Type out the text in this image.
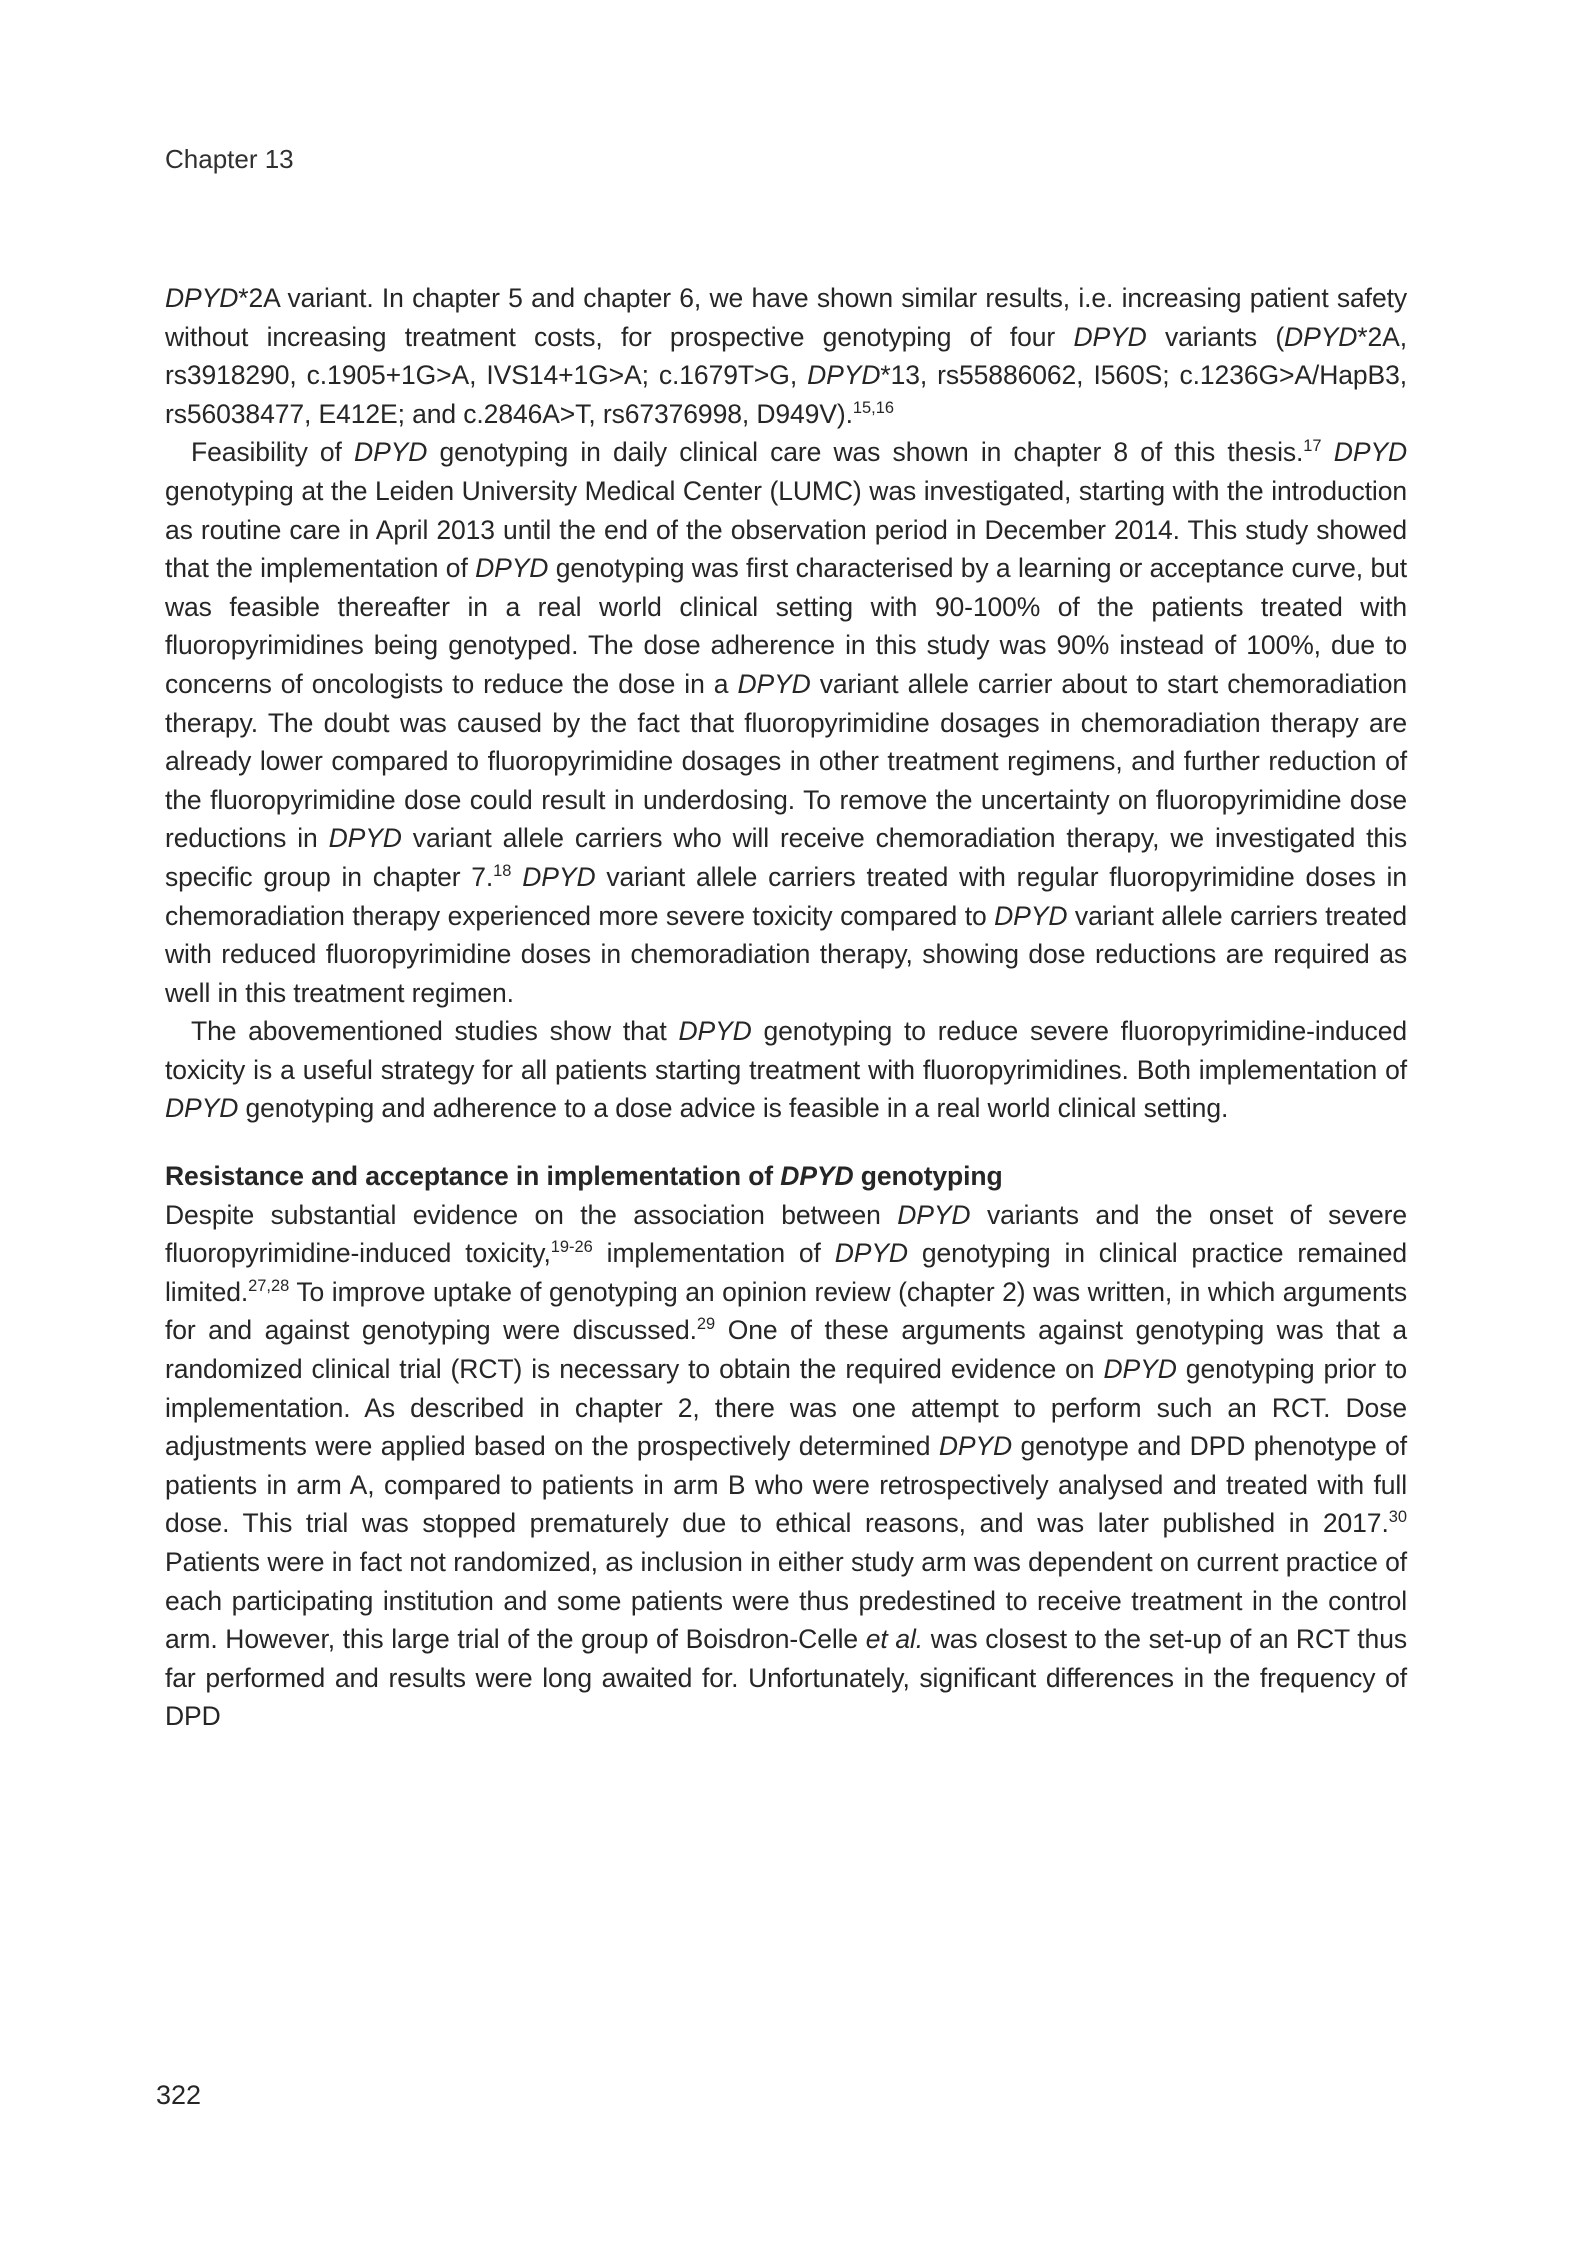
Chapter 13

DPYD*2A variant. In chapter 5 and chapter 6, we have shown similar results, i.e. increasing patient safety without increasing treatment costs, for prospective genotyping of four DPYD variants (DPYD*2A, rs3918290, c.1905+1G>A, IVS14+1G>A; c.1679T>G, DPYD*13, rs55886062, I560S; c.1236G>A/HapB3, rs56038477, E412E; and c.2846A>T, rs67376998, D949V).$^{15,16}$

Feasibility of DPYD genotyping in daily clinical care was shown in chapter 8 of this thesis.$^{17}$ DPYD genotyping at the Leiden University Medical Center (LUMC) was investigated, starting with the introduction as routine care in April 2013 until the end of the observation period in December 2014. This study showed that the implementation of DPYD genotyping was first characterised by a learning or acceptance curve, but was feasible thereafter in a real world clinical setting with 90-100% of the patients treated with fluoropyrimidines being genotyped. The dose adherence in this study was 90% instead of 100%, due to concerns of oncologists to reduce the dose in a DPYD variant allele carrier about to start chemoradiation therapy. The doubt was caused by the fact that fluoropyrimidine dosages in chemoradiation therapy are already lower compared to fluoropyrimidine dosages in other treatment regimens, and further reduction of the fluoropyrimidine dose could result in underdosing. To remove the uncertainty on fluoropyrimidine dose reductions in DPYD variant allele carriers who will receive chemoradiation therapy, we investigated this specific group in chapter 7.18 DPYD variant allele carriers treated with regular fluoropyrimidine doses in chemoradiation therapy experienced more severe toxicity compared to DPYD variant allele carriers treated with reduced fluoropyrimidine doses in chemoradiation therapy, showing dose reductions are required as well in this treatment regimen.

The abovementioned studies show that DPYD genotyping to reduce severe fluoropyrimidine-induced toxicity is a useful strategy for all patients starting treatment with fluoropyrimidines. Both implementation of DPYD genotyping and adherence to a dose advice is feasible in a real world clinical setting.

Resistance and acceptance in implementation of DPYD genotyping

Despite substantial evidence on the association between DPYD variants and the onset of severe fluoropyrimidine-induced toxicity,$^{19-26}$ implementation of DPYD genotyping in clinical practice remained limited.$^{27,28}$ To improve uptake of genotyping an opinion review (chapter 2) was written, in which arguments for and against genotyping were discussed.$^{29}$ One of these arguments against genotyping was that a randomized clinical trial (RCT) is necessary to obtain the required evidence on DPYD genotyping prior to implementation. As described in chapter 2, there was one attempt to perform such an RCT. Dose adjustments were applied based on the prospectively determined DPYD genotype and DPD phenotype of patients in arm A, compared to patients in arm B who were retrospectively analysed and treated with full dose. This trial was stopped prematurely due to ethical reasons, and was later published in 2017.30 Patients were in fact not randomized, as inclusion in either study arm was dependent on current practice of each participating institution and some patients were thus predestined to receive treatment in the control arm. However, this large trial of the group of Boisdron-Celle et al. was closest to the set-up of an RCT thus far performed and results were long awaited for. Unfortunately, significant differences in the frequency of DPD

322
